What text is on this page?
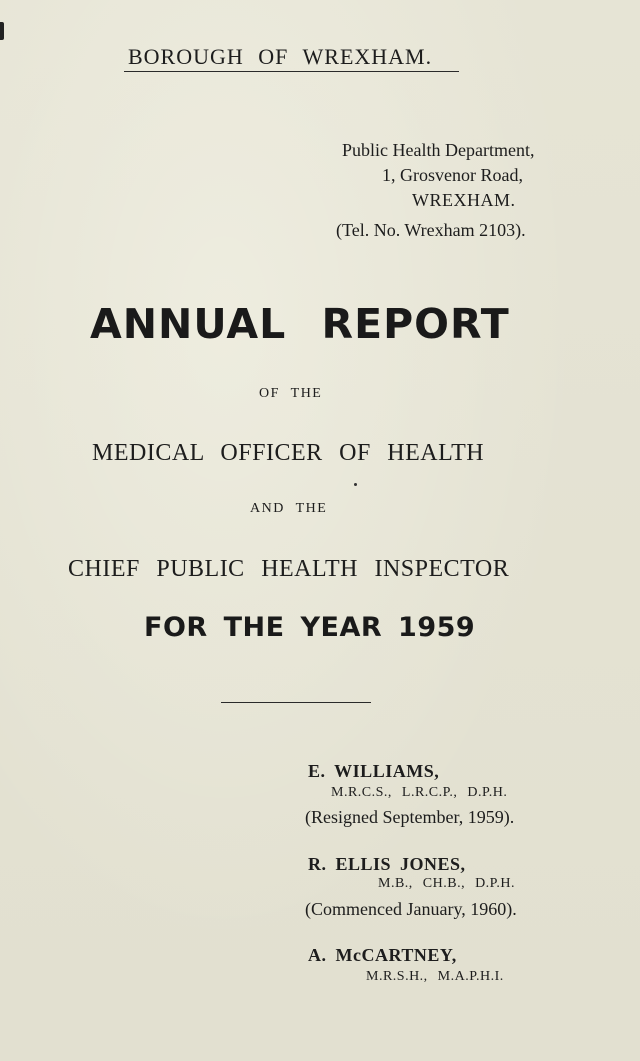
BOROUGH OF WREXHAM.
Public Health Department,
1, Grosvenor Road,
WREXHAM.
(Tel. No. Wrexham 2103).
ANNUAL REPORT
OF THE
MEDICAL OFFICER OF HEALTH
AND THE
CHIEF PUBLIC HEALTH INSPECTOR
FOR THE YEAR 1959
E. WILLIAMS,
M.R.C.S., L.R.C.P., D.P.H.
(Resigned September, 1959).
R. ELLIS JONES,
M.B., CH.B., D.P.H.
(Commenced January, 1960).
A. McCARTNEY,
M.R.S.H., M.A.P.H.I.
